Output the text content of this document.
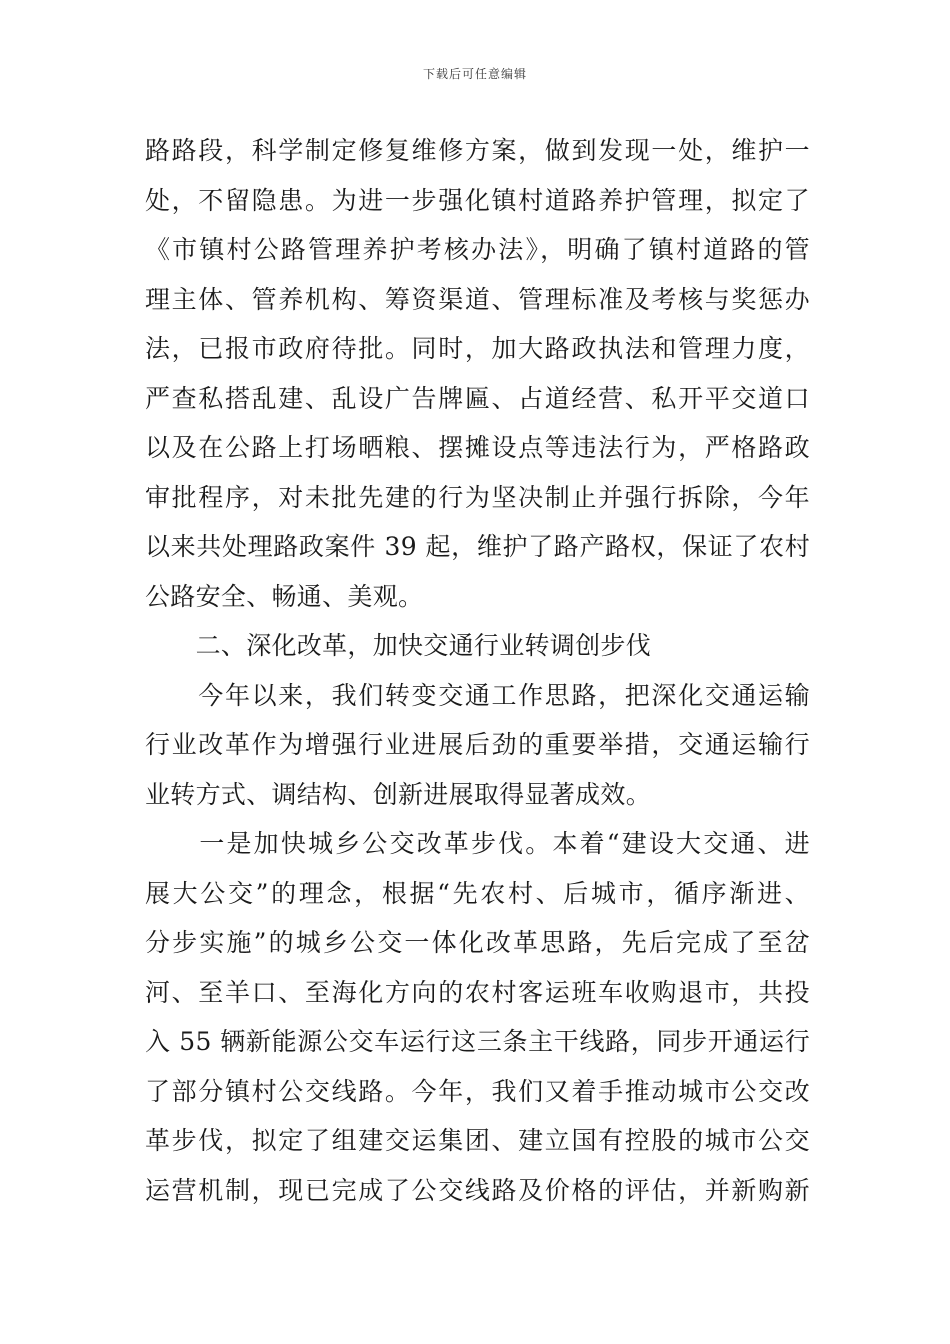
下载后可任意编辑
路路段，科学制定修复维修方案，做到发现一处，维护一
处，不留隐患。为进一步强化镇村道路养护管理，拟定了
《市镇村公路管理养护考核办法》，明确了镇村道路的管
理主体、管养机构、筹资渠道、管理标准及考核与奖惩办
法，已报市政府待批。同时，加大路政执法和管理力度，
严查私搭乱建、乱设广告牌匾、占道经营、私开平交道口
以及在公路上打场晒粮、摆摊设点等违法行为，严格路政
审批程序，对未批先建的行为坚决制止并强行拆除，今年
以来共处理路政案件 39 起，维护了路产路权，保证了农村
公路安全、畅通、美观。
　　二、深化改革，加快交通行业转调创步伐
　　今年以来，我们转变交通工作思路，把深化交通运输
行业改革作为增强行业进展后劲的重要举措，交通运输行
业转方式、调结构、创新进展取得显著成效。
　　一是加快城乡公交改革步伐。本着“建设大交通、进
展大公交”的理念，根据“先农村、后城市，循序渐进、
分步实施”的城乡公交一体化改革思路，先后完成了至岔
河、至羊口、至海化方向的农村客运班车收购退市，共投
入 55 辆新能源公交车运行这三条主干线路，同步开通运行
了部分镇村公交线路。今年，我们又着手推动城市公交改
革步伐，拟定了组建交运集团、建立国有控股的城市公交
运营机制，现已完成了公交线路及价格的评估，并新购新
